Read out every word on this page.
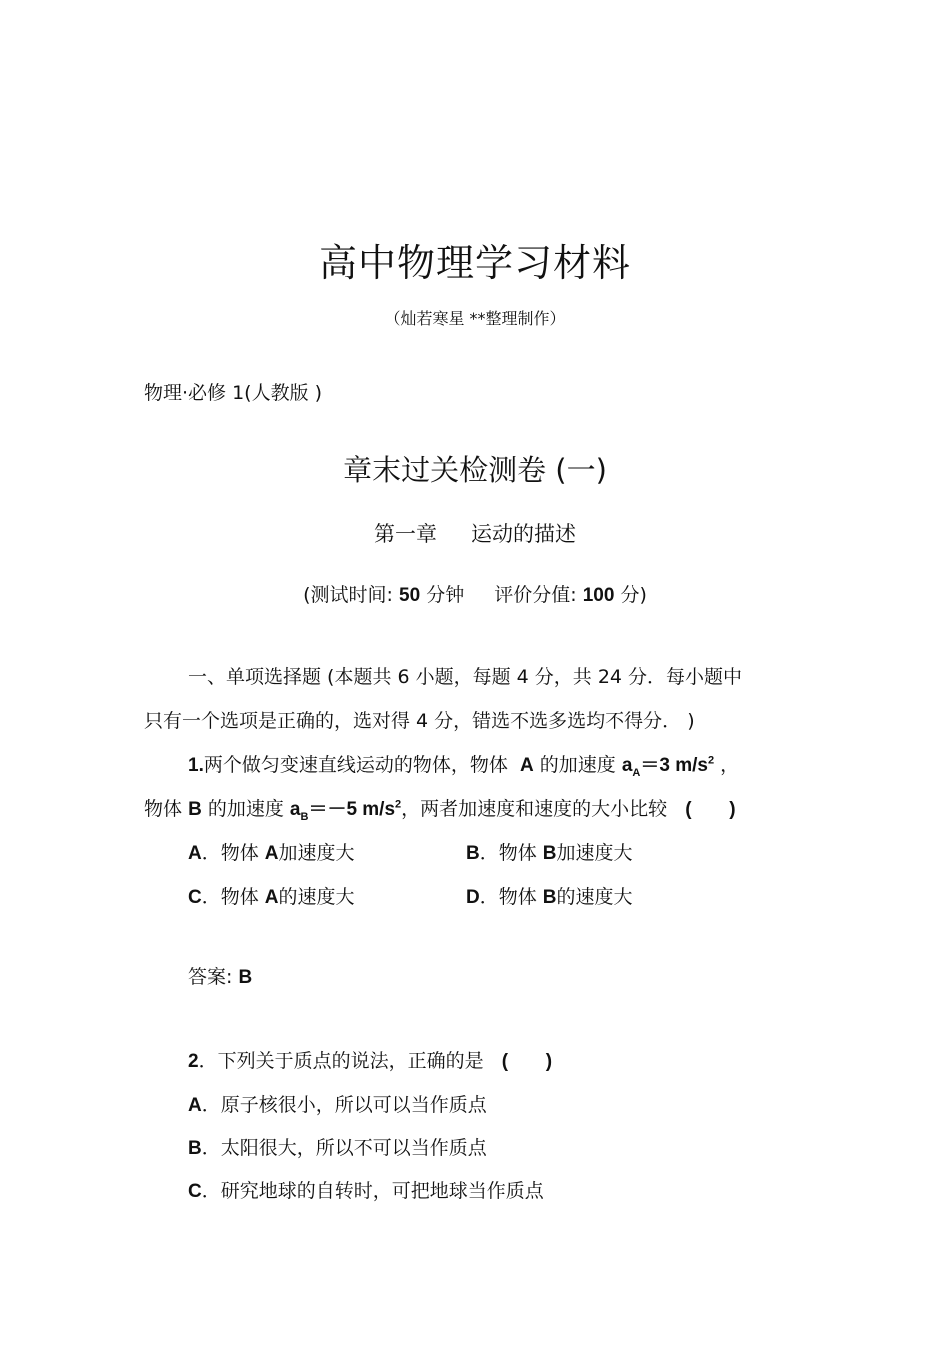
高中物理学习材料
（灿若寒星 **整理制作）
物理·必修 1(人教版 )
章末过关检测卷 (一)
第一章 运动的描述
(测试时间: 50 分钟 评价分值: 100 分)
一、单项选择题 (本题共 6 小题，每题 4 分，共 24 分．每小题中
只有一个选项是正确的，选对得 4 分，错选不选多选均不得分． )
1.两个做匀变速直线运动的物体，物体 A 的加速度 $a_A=3$ $m/s^2$ ，
物体 B 的加速度 $a_B=-5$ $m/s^2$，两者加速度和速度的大小比较 ( )
A．物体 A加速度大	B．物体 B加速度大
C．物体 A的速度大	D．物体 B的速度大
答案: B
2．下列关于质点的说法，正确的是 ( )
A．原子核很小，所以可以当作质点
B．太阳很大，所以不可以当作质点
C．研究地球的自转时，可把地球当作质点
